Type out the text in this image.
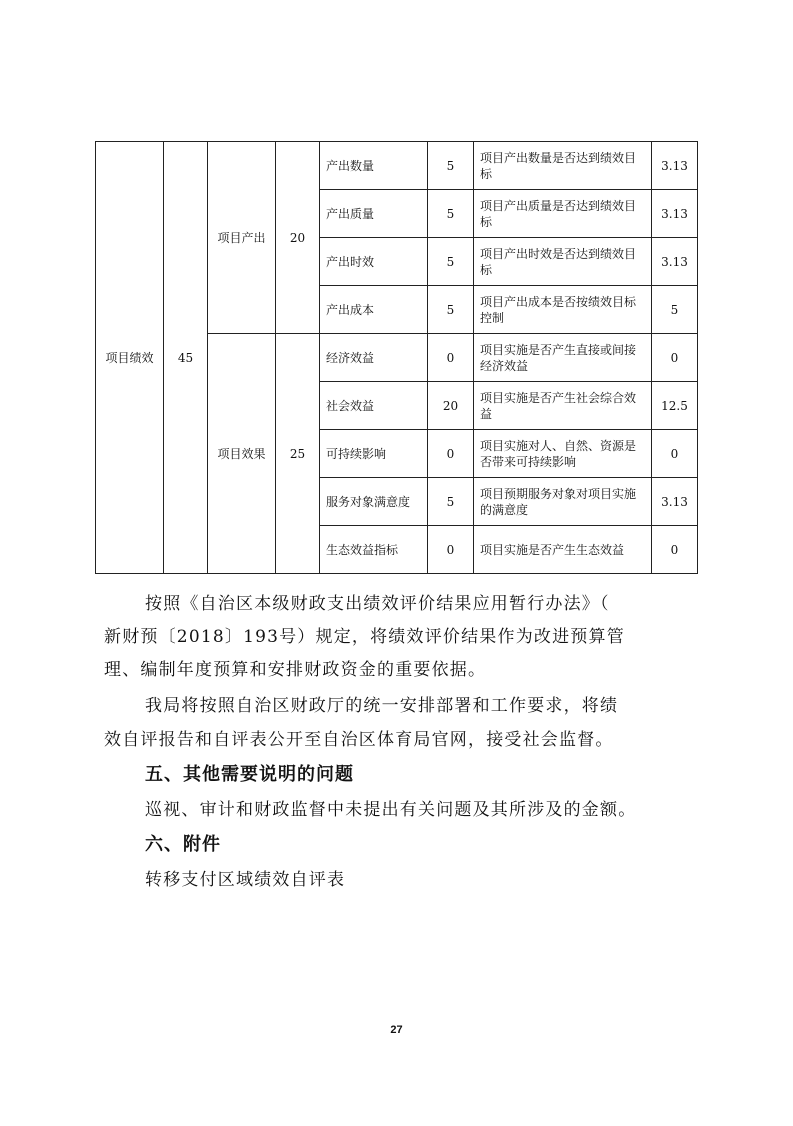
项目绩效	45	项目产出	20	产出数量	5	项目产出数量是否达到绩效目标	3.13
				产出质量	5	项目产出质量是否达到绩效目标	3.13
				产出时效	5	项目产出时效是否达到绩效目标	3.13
				产出成本	5	项目产出成本是否按绩效目标控制	5
		项目效果	25	经济效益	0	项目实施是否产生直接或间接经济效益	0
				社会效益	20	项目实施是否产生社会综合效益	12.5
				可持续影响	0	项目实施对人、自然、资源是否带来可持续影响	0
				服务对象满意度	5	项目预期服务对象对项目实施的满意度	3.13
				生态效益指标	0	项目实施是否产生生态效益	0
按照《自治区本级财政支出绩效评价结果应用暂行办法》（
新财预〔2018〕193号）规定，将绩效评价结果作为改进预算管
理、编制年度预算和安排财政资金的重要依据。
我局将按照自治区财政厅的统一安排部署和工作要求，将绩
效自评报告和自评表公开至自治区体育局官网，接受社会监督。
五、其他需要说明的问题
巡视、审计和财政监督中未提出有关问题及其所涉及的金额。
六、附件
转移支付区域绩效自评表
27
